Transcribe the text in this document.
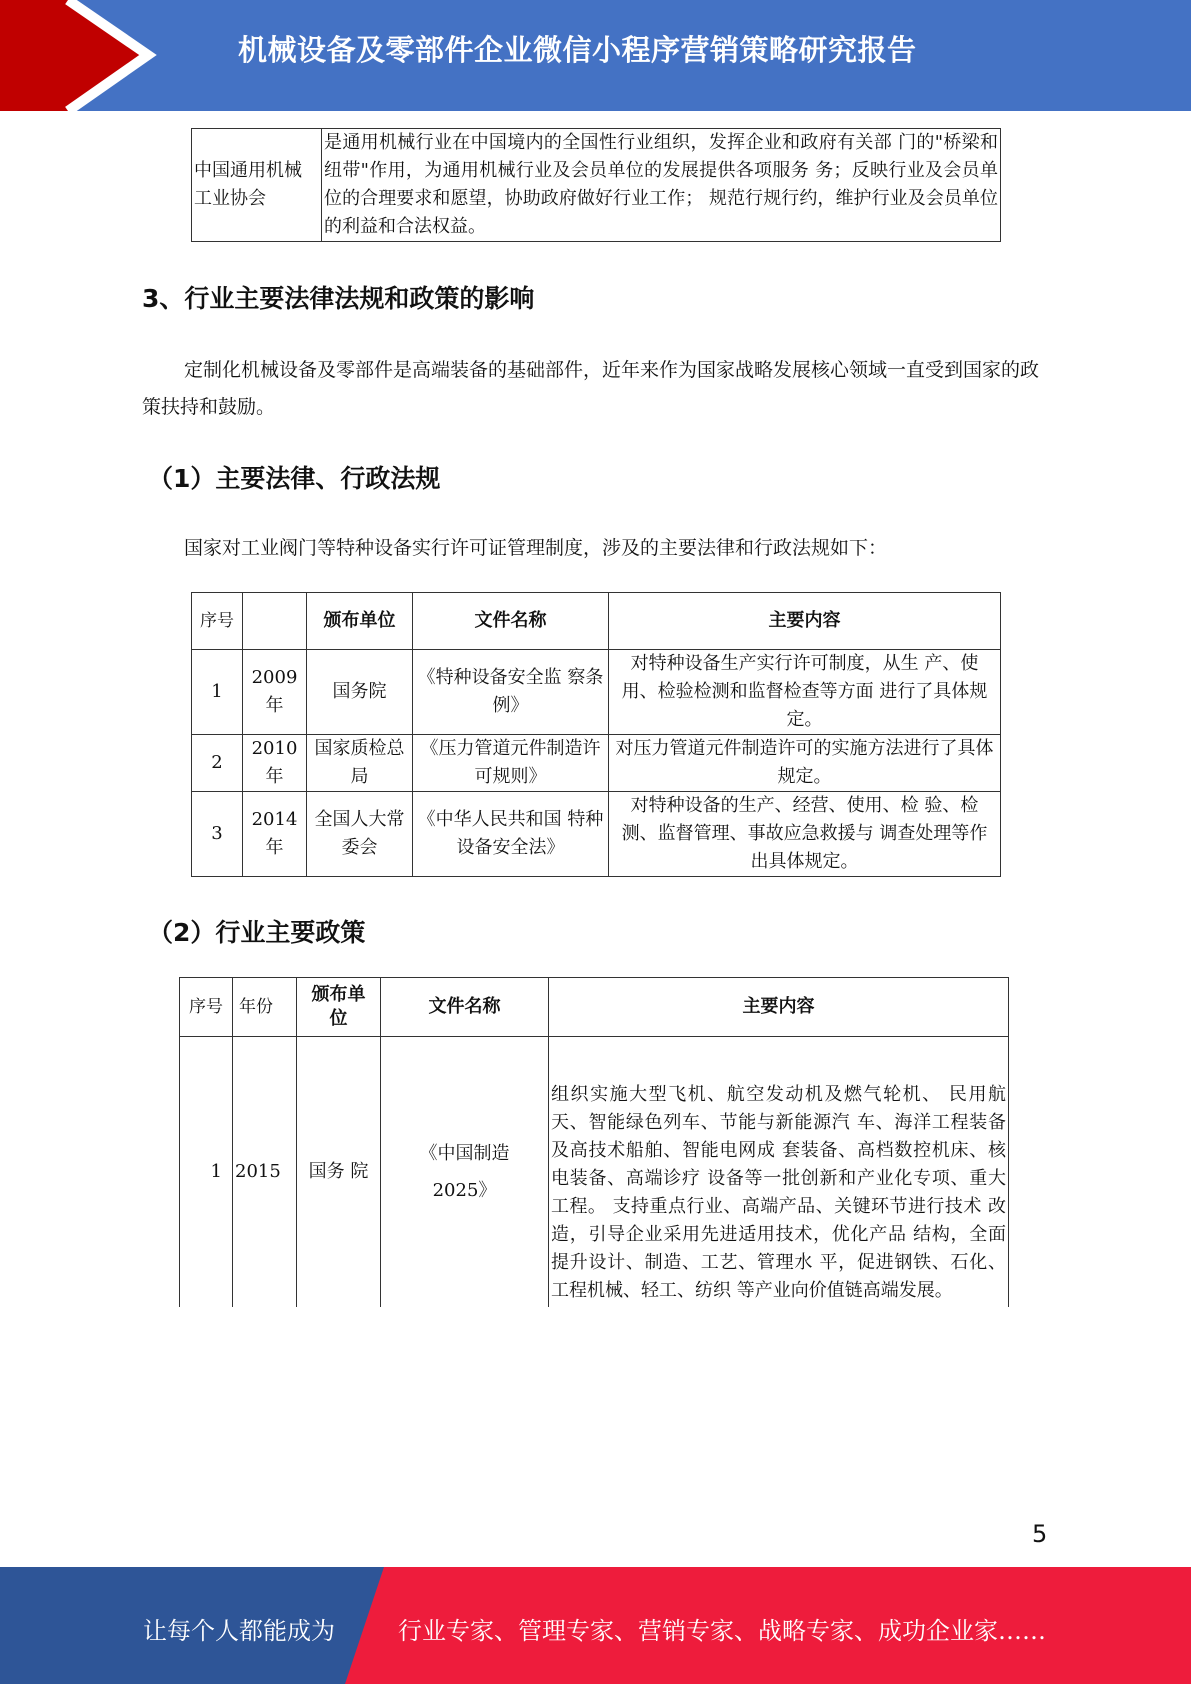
机械设备及零部件企业微信小程序营销策略研究报告
中国通用机械工业协会	是通用机械行业在中国境内的全国性行业组织，发挥企业和政府有关部 门的"桥梁和纽带"作用，为通用机械行业及会员单位的发展提供各项服务 务；反映行业及会员单位的合理要求和愿望，协助政府做好行业工作； 规范行规行约，维护行业及会员单位的利益和合法权益。
3、行业主要法律法规和政策的影响
定制化机械设备及零部件是高端装备的基础部件，近年来作为国家战略发展核心领域一直受到国家的政策扶持和鼓励。
（1）主要法律、行政法规
国家对工业阀门等特种设备实行许可证管理制度，涉及的主要法律和行政法规如下：
序号		颁布单位	文件名称	主要内容
1	2009年	国务院	《特种设备安全监 察条例》	对特种设备生产实行许可制度，从生 产、使用、检验检测和监督检查等方面 进行了具体规定。
2	2010年	国家质检总局	《压力管道元件制造许可规则》	对压力管道元件制造许可的实施方法进行了具体规定。
3	2014年	全国人大常委会	《中华人民共和国 特种设备安全法》	对特种设备的生产、经营、使用、检 验、检测、监督管理、事故应急救援与 调查处理等作出具体规定。
（2）行业主要政策
序号	年份	颁布单位	文件名称	主要内容
1	2015	国务 院	《中国制造2025》	组织实施大型飞机、航空发动机及燃气轮机、 民用航天、智能绿色列车、节能与新能源汽 车、海洋工程装备及高技术船舶、智能电网成 套装备、高档数控机床、核电装备、高端诊疗 设备等一批创新和产业化专项、重大工程。 支持重点行业、高端产品、关键环节进行技术 改造，引导企业采用先进适用技术，优化产品 结构，全面提升设计、制造、工艺、管理水 平，促进钢铁、石化、工程机械、轻工、纺织 等产业向价值链高端发展。
5
让每个人都能成为	行业专家、管理专家、营销专家、战略专家、成功企业家……
